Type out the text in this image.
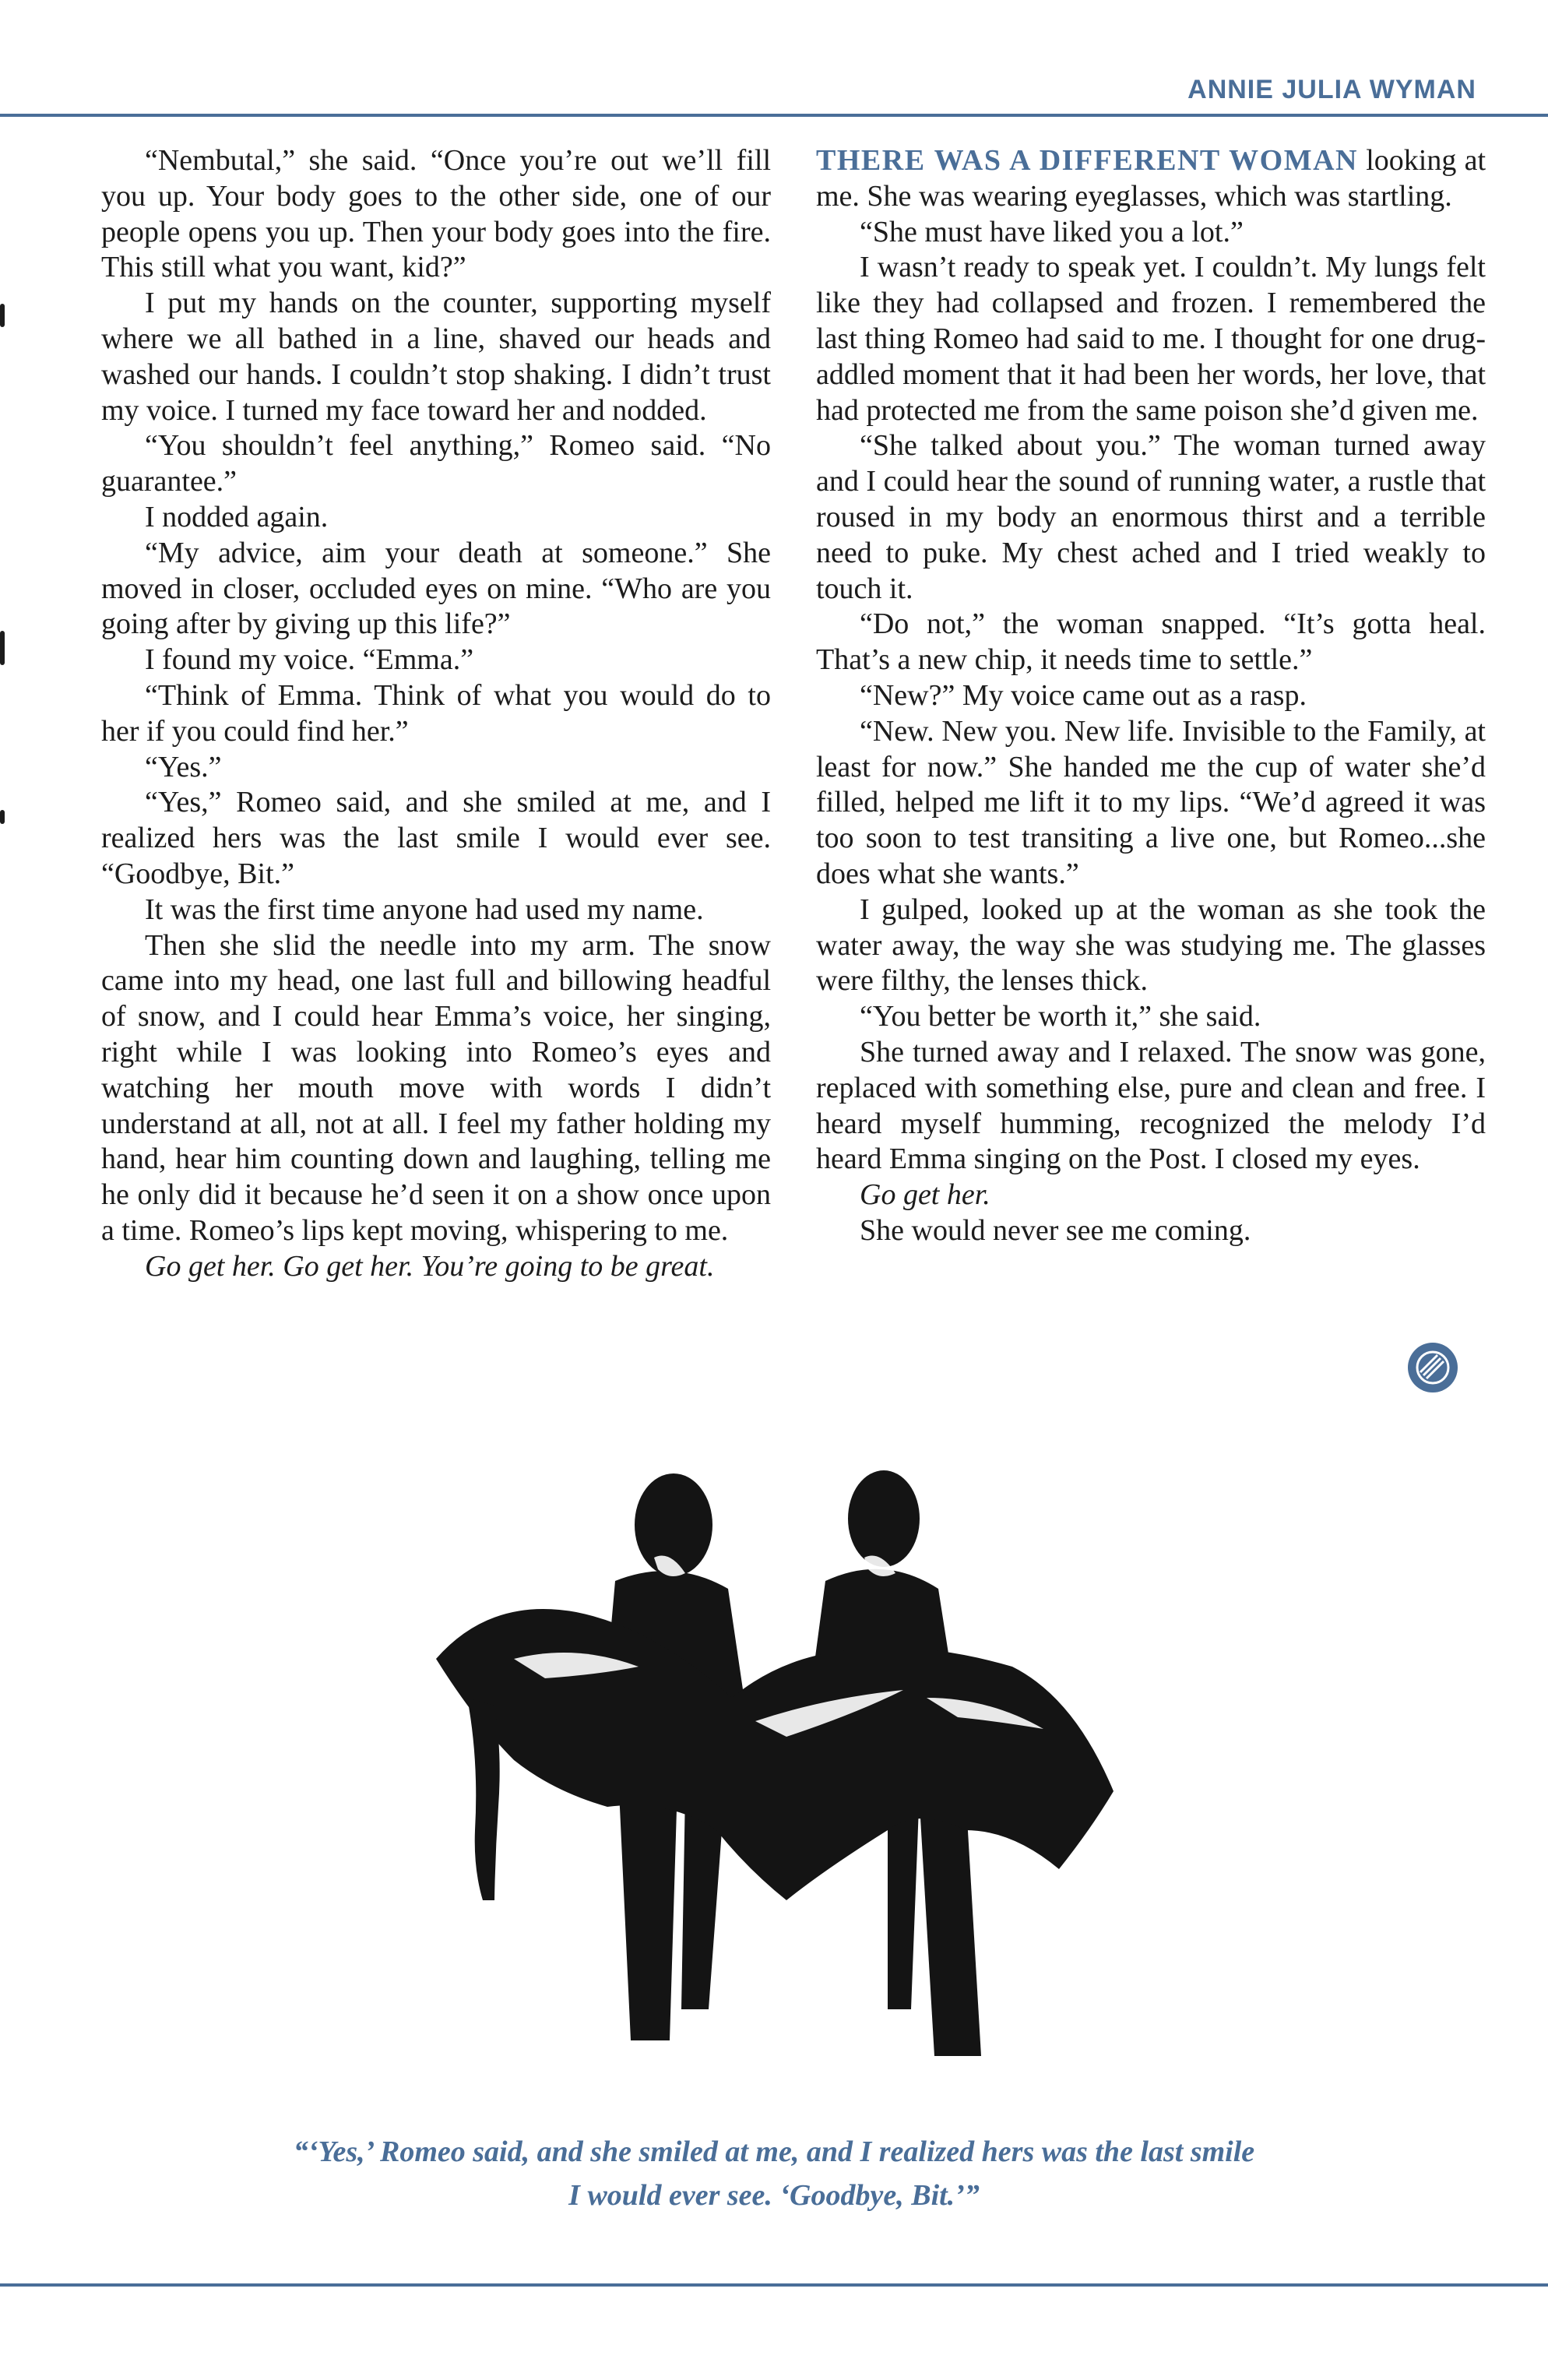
ANNIE JULIA WYMAN

“Nembutal,” she said. “Once you’re out we’ll fill you up. Your body goes to the other side, one of our people opens you up. Then your body goes into the fire. This still what you want, kid?”

I put my hands on the counter, supporting myself where we all bathed in a line, shaved our heads and washed our hands. I couldn’t stop shaking. I didn’t trust my voice. I turned my face toward her and nodded.

“You shouldn’t feel anything,” Romeo said. “No guarantee.”

I nodded again.

“My advice, aim your death at someone.” She moved in closer, occluded eyes on mine. “Who are you going after by giving up this life?”

I found my voice. “Emma.”

“Think of Emma. Think of what you would do to her if you could find her.”

“Yes.”

“Yes,” Romeo said, and she smiled at me, and I realized hers was the last smile I would ever see. “Goodbye, Bit.”

It was the first time anyone had used my name.

Then she slid the needle into my arm. The snow came into my head, one last full and billowing headful of snow, and I could hear Emma’s voice, her singing, right while I was looking into Romeo’s eyes and watching her mouth move with words I didn’t understand at all, not at all. I feel my father holding my hand, hear him counting down and laughing, telling me he only did it because he’d seen it on a show once upon a time. Romeo’s lips kept moving, whispering to me.

Go get her. Go get her. You’re going to be great.

THERE WAS A DIFFERENT WOMAN looking at me. She was wearing eyeglasses, which was startling.

“She must have liked you a lot.”

I wasn’t ready to speak yet. I couldn’t. My lungs felt like they had collapsed and frozen. I remembered the last thing Romeo had said to me. I thought for one drug-addled moment that it had been her words, her love, that had protected me from the same poison she’d given me.

“She talked about you.” The woman turned away and I could hear the sound of running water, a rustle that roused in my body an enormous thirst and a terrible need to puke. My chest ached and I tried weakly to touch it.

“Do not,” the woman snapped. “It’s gotta heal. That’s a new chip, it needs time to settle.”

“New?” My voice came out as a rasp.

“New. New you. New life. Invisible to the Family, at least for now.” She handed me the cup of water she’d filled, helped me lift it to my lips. “We’d agreed it was too soon to test transiting a live one, but Romeo...she does what she wants.”

I gulped, looked up at the woman as she took the water away, the way she was studying me. The glasses were filthy, the lenses thick.

“You better be worth it,” she said.

She turned away and I relaxed. The snow was gone, replaced with something else, pure and clean and free. I heard myself humming, recognized the melody I’d heard Emma singing on the Post. I closed my eyes.

Go get her.

She would never see me coming.

“‘Yes,’ Romeo said, and she smiled at me, and I realized hers was the last smile
I would ever see. ‘Goodbye, Bit.’”
